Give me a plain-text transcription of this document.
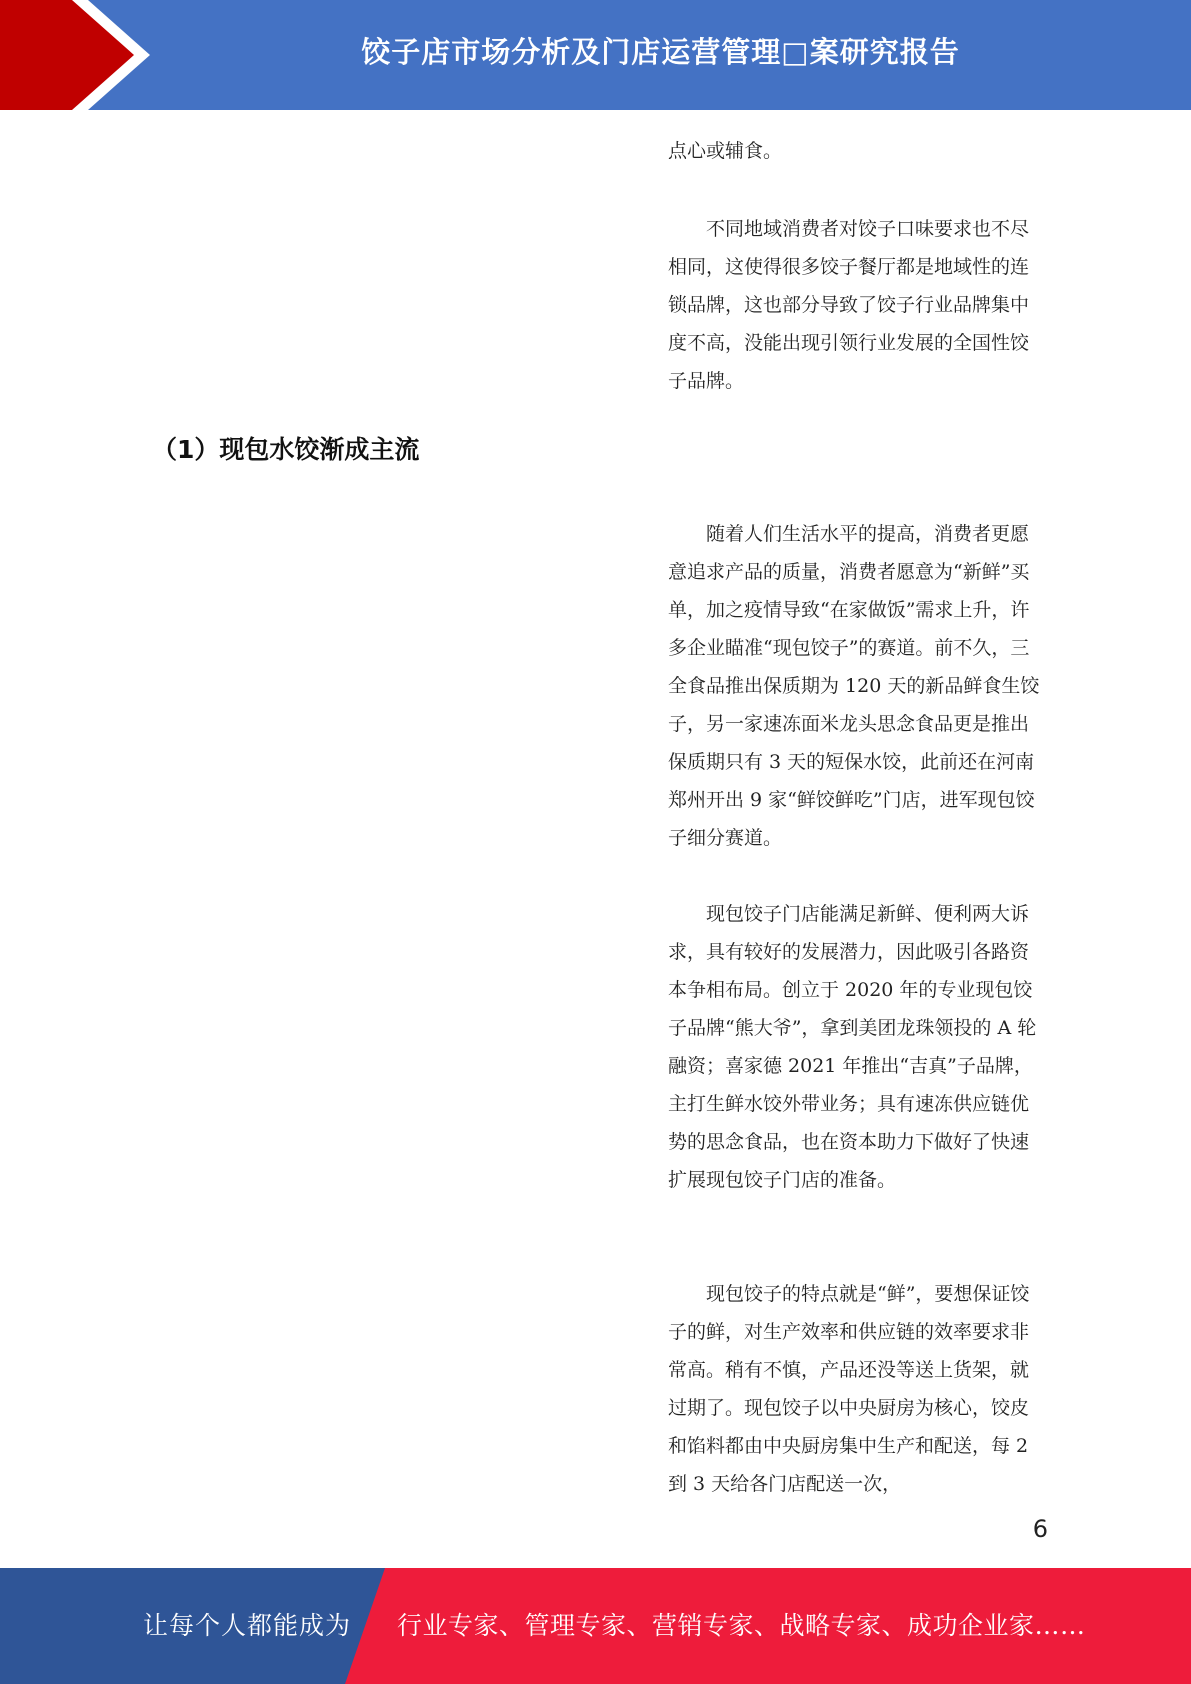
饺子店市场分析及门店运营管理□案研究报告

点心或辅食。

不同地域消费者对饺子口味要求也不尽相同，这使得很多饺子餐厅都是地域性的连锁品牌，这也部分导致了饺子行业品牌集中度不高，没能出现引领行业发展的全国性饺子品牌。

（1）现包水饺渐成主流

随着人们生活水平的提高，消费者更愿意追求产品的质量，消费者愿意为“新鲜”买单，加之疫情导致“在家做饭”需求上升，许多企业瞄准“现包饺子”的赛道。前不久，三全食品推出保质期为 120 天的新品鲜食生饺子，另一家速冻面米龙头思念食品更是推出保质期只有 3 天的短保水饺，此前还在河南郑州开出 9 家“鲜饺鲜吃”门店，进军现包饺子细分赛道。

现包饺子门店能满足新鲜、便利两大诉求，具有较好的发展潜力，因此吸引各路资本争相布局。创立于 2020 年的专业现包饺子品牌“熊大爷”，拿到美团龙珠领投的 A 轮融资；喜家德 2021 年推出“吉真”子品牌，主打生鲜水饺外带业务；具有速冻供应链优势的思念食品，也在资本助力下做好了快速扩展现包饺子门店的准备。

现包饺子的特点就是“鲜”，要想保证饺子的鲜，对生产效率和供应链的效率要求非常高。稍有不慎，产品还没等送上货架，就过期了。现包饺子以中央厨房为核心，饺皮和馅料都由中央厨房集中生产和配送，每 2 到 3 天给各门店配送一次，

6
让每个人都能成为 行业专家、管理专家、营销专家、战略专家、成功企业家……
